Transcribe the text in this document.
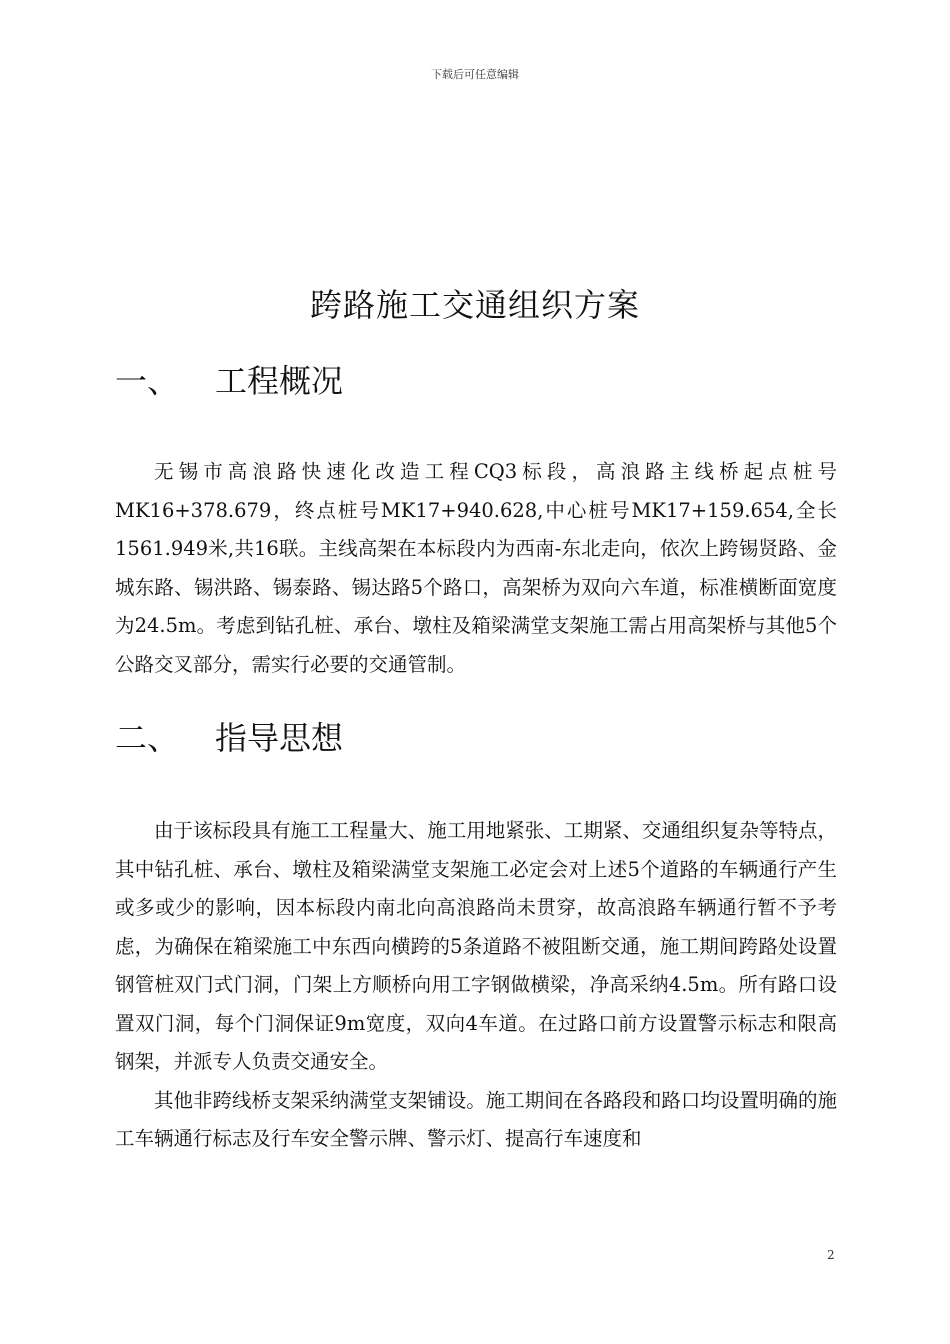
下载后可任意编辑
跨路施工交通组织方案
一、	工程概况

无锡市高浪路快速化改造工程CQ3标段，高浪路主线桥起点桩号MK16+378.679，终点桩号MK17+940.628,中心桩号MK17+159.654,全长1561.949米,共16联。主线高架在本标段内为西南-东北走向，依次上跨锡贤路、金城东路、锡洪路、锡泰路、锡达路5个路口，高架桥为双向六车道，标准横断面宽度为24.5m。考虑到钻孔桩、承台、墩柱及箱梁满堂支架施工需占用高架桥与其他5个公路交叉部分，需实行必要的交通管制。

二、	指导思想

由于该标段具有施工工程量大、施工用地紧张、工期紧、交通组织复杂等特点，其中钻孔桩、承台、墩柱及箱梁满堂支架施工必定会对上述5个道路的车辆通行产生或多或少的影响，因本标段内南北向高浪路尚未贯穿，故高浪路车辆通行暂不予考虑，为确保在箱梁施工中东西向横跨的5条道路不被阻断交通，施工期间跨路处设置钢管桩双门式门洞，门架上方顺桥向用工字钢做横梁，净高采纳4.5m。所有路口设置双门洞，每个门洞保证9m宽度，双向4车道。在过路口前方设置警示标志和限高钢架，并派专人负责交通安全。

其他非跨线桥支架采纳满堂支架铺设。施工期间在各路段和路口均设置明确的施工车辆通行标志及行车安全警示牌、警示灯、提高行车速度和

2
